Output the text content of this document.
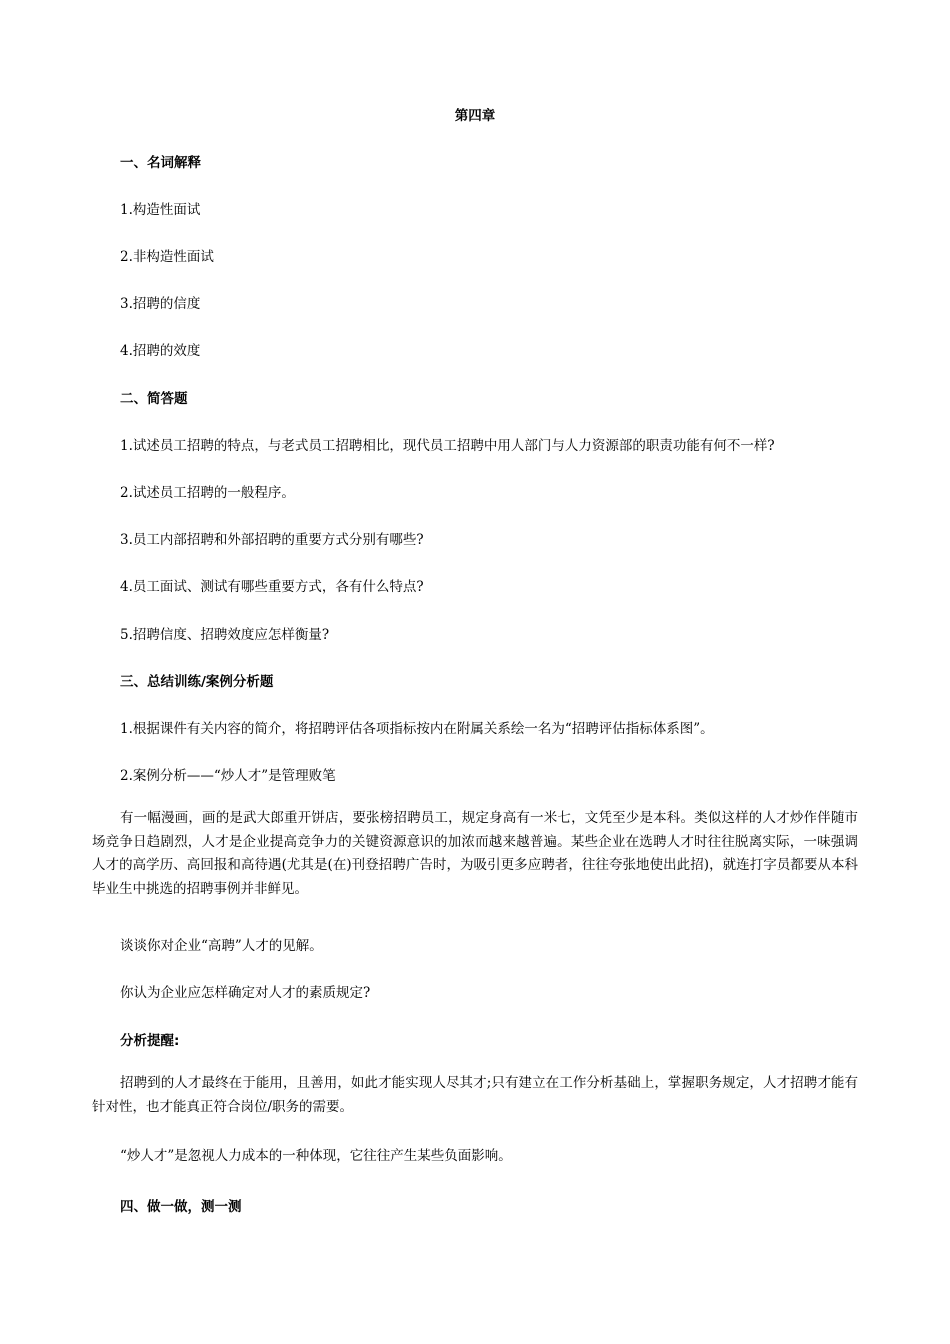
第四章
一、名词解释
1.构造性面试
2.非构造性面试
3.招聘的信度
4.招聘的效度
二、简答题
1.试述员工招聘的特点，与老式员工招聘相比，现代员工招聘中用人部门与人力资源部的职责功能有何不一样?
2.试述员工招聘的一般程序。
3.员工内部招聘和外部招聘的重要方式分别有哪些?
4.员工面试、测试有哪些重要方式，各有什么特点?
5.招聘信度、招聘效度应怎样衡量?
三、总结训练/案例分析题
1.根据课件有关内容的简介，将招聘评估各项指标按内在附属关系绘一名为“招聘评估指标体系图”。
2.案例分析——“炒人才”是管理败笔
有一幅漫画，画的是武大郎重开饼店，要张榜招聘员工，规定身高有一米七，文凭至少是本科。类似这样的人才炒作伴随市场竞争日趋剧烈，人才是企业提高竞争力的关键资源意识的加浓而越来越普遍。某些企业在选聘人才时往往脱离实际，一味强调人才的高学历、高回报和高待遇(尤其是(在)刊登招聘广告时，为吸引更多应聘者，往往夸张地使出此招)，就连打字员都要从本科毕业生中挑选的招聘事例并非鲜见。
谈谈你对企业“高聘”人才的见解。
你认为企业应怎样确定对人才的素质规定?
分析提醒:
招聘到的人才最终在于能用，且善用，如此才能实现人尽其才;只有建立在工作分析基础上，掌握职务规定，人才招聘才能有针对性，也才能真正符合岗位/职务的需要。
“炒人才”是忽视人力成本的一种体现，它往往产生某些负面影响。
四、做一做，测一测
